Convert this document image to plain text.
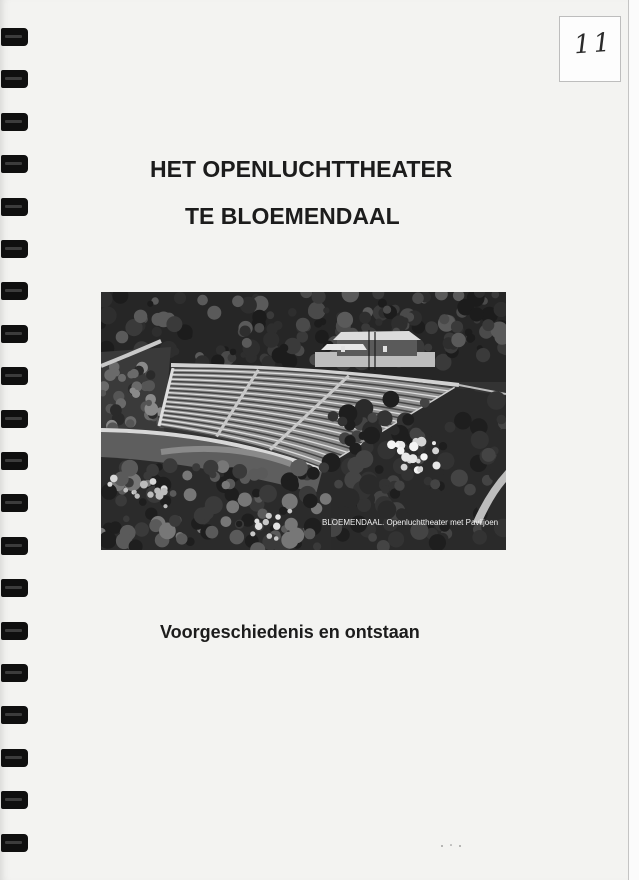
11
HET OPENLUCHTTHEATER
TE BLOEMENDAAL
BLOEMENDAAL. Openluchttheater met Paviljoen
Voorgeschiedenis en ontstaan
